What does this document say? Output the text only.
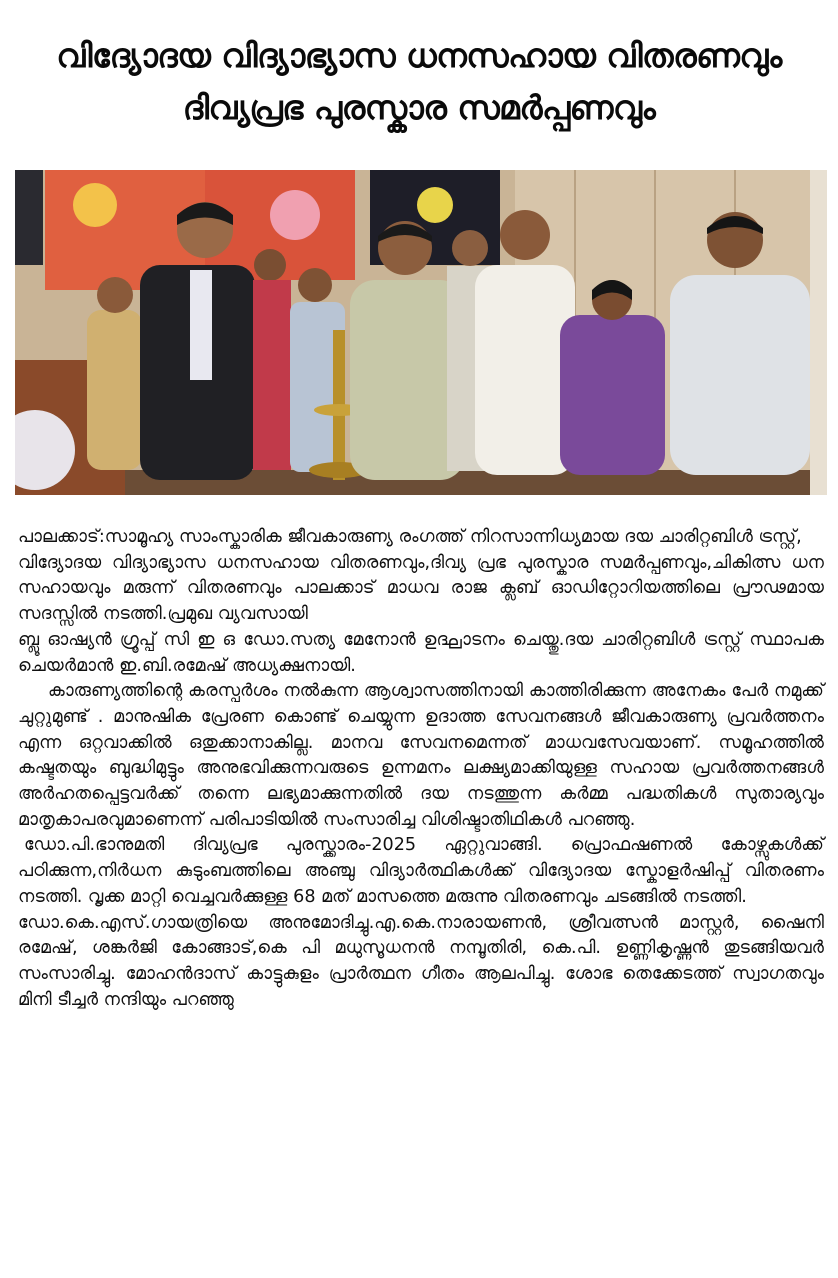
വിദ്യോദയ വിദ്യാഭ്യാസ ധനസഹായ വിതരണവും
ദിവ്യപ്രഭ പുരസ്കാര സമർപ്പണവും

പാലക്കാട്:സാമൂഹ്യ സാംസ്കാരിക ജീവകാരുണ്യ രംഗത്ത് നിറസാന്നിധ്യമായ ദയ ചാരിറ്റബിൾ ട്രസ്റ്റ്,

വിദ്യോദയ വിദ്യാഭ്യാസ ധനസഹായ വിതരണവും,ദിവ്യ പ്രഭ പുരസ്കാര സമർപ്പണവും,ചികിത്സ ധന സഹായവും മരുന്ന് വിതരണവും പാലക്കാട് മാധവ രാജ ക്ലബ് ഓഡിറ്റോറിയത്തിലെ പ്രൗഢമായ സദസ്സിൽ നടത്തി.പ്രമുഖ വ്യവസായി

ബ്ലൂ ഓഷ്യൻ ഗ്രൂപ്പ് സി ഇ ഒ ഡോ.സത്യ മേനോൻ ഉദ്ഘാടനം ചെയ്തു.ദയ ചാരിറ്റബിൾ ട്രസ്റ്റ് സ്ഥാപക ചെയർമാൻ ഇ.ബി.രമേഷ് അധ്യക്ഷനായി.

കാരുണ്യത്തിന്റെ കരസ്പർശം നൽകുന്ന ആശ്വാസത്തിനായി കാത്തിരിക്കുന്ന അനേകം പേർ നമുക്ക് ചുറ്റുമുണ്ട് . മാനുഷിക പ്രേരണ കൊണ്ട് ചെയ്യുന്ന ഉദാത്ത സേവനങ്ങൾ ജീവകാരുണ്യ പ്രവർത്തനം എന്ന ഒറ്റവാക്കിൽ ഒതുക്കാനാകില്ല. മാനവ സേവനമെന്നത് മാധവസേവയാണ്. സമൂഹത്തിൽ കഷ്ടതയും ബുദ്ധിമുട്ടും അനുഭവിക്കുന്നവരുടെ ഉന്നമനം ലക്ഷ്യമാക്കിയുള്ള സഹായ പ്രവർത്തനങ്ങൾ അർഹതപ്പെട്ടവർക്ക് തന്നെ ലഭ്യമാക്കുന്നതിൽ ദയ നടത്തുന്ന കർമ്മ പദ്ധതികൾ സുതാര്യവും മാതൃകാപരവുമാണെന്ന് പരിപാടിയിൽ സംസാരിച്ച വിശിഷ്ടാതിഥികൾ പറഞ്ഞു.

ഡോ.പി.ഭാനുമതി ദിവ്യപ്രഭ പുരസ്ക്കാരം-2025 ഏറ്റുവാങ്ങി. പ്രൊഫഷണൽ കോഴ്സുകൾക്ക് പഠിക്കുന്ന,നിർധന കുടുംബത്തിലെ അഞ്ചു വിദ്യാർത്ഥികൾക്ക് വിദ്യോദയ സ്കോളർഷിപ്പ് വിതരണം നടത്തി. വൃക്ക മാറ്റി വെച്ചവർക്കുള്ള 68 മത് മാസത്തെ മരുന്നു വിതരണവും ചടങ്ങിൽ നടത്തി.

ഡോ.കെ.എസ്.ഗായത്രിയെ അനുമോദിച്ചു.എ.കെ.നാരായണൻ, ശ്രീവത്സൻ മാസ്റ്റർ, ഷൈനി രമേഷ്, ശങ്കർജി കോങ്ങാട്,കെ പി മധുസൂധനൻ നമ്പൂതിരി, കെ.പി. ഉണ്ണികൃഷ്ണൻ തുടങ്ങിയവർ സംസാരിച്ചു. മോഹൻദാസ് കാട്ടുകുളം പ്രാർത്ഥന ഗീതം ആലപിച്ചു. ശോഭ തെക്കേടത്ത് സ്വാഗതവും മിനി ടീച്ചർ നന്ദിയും പറഞ്ഞു
